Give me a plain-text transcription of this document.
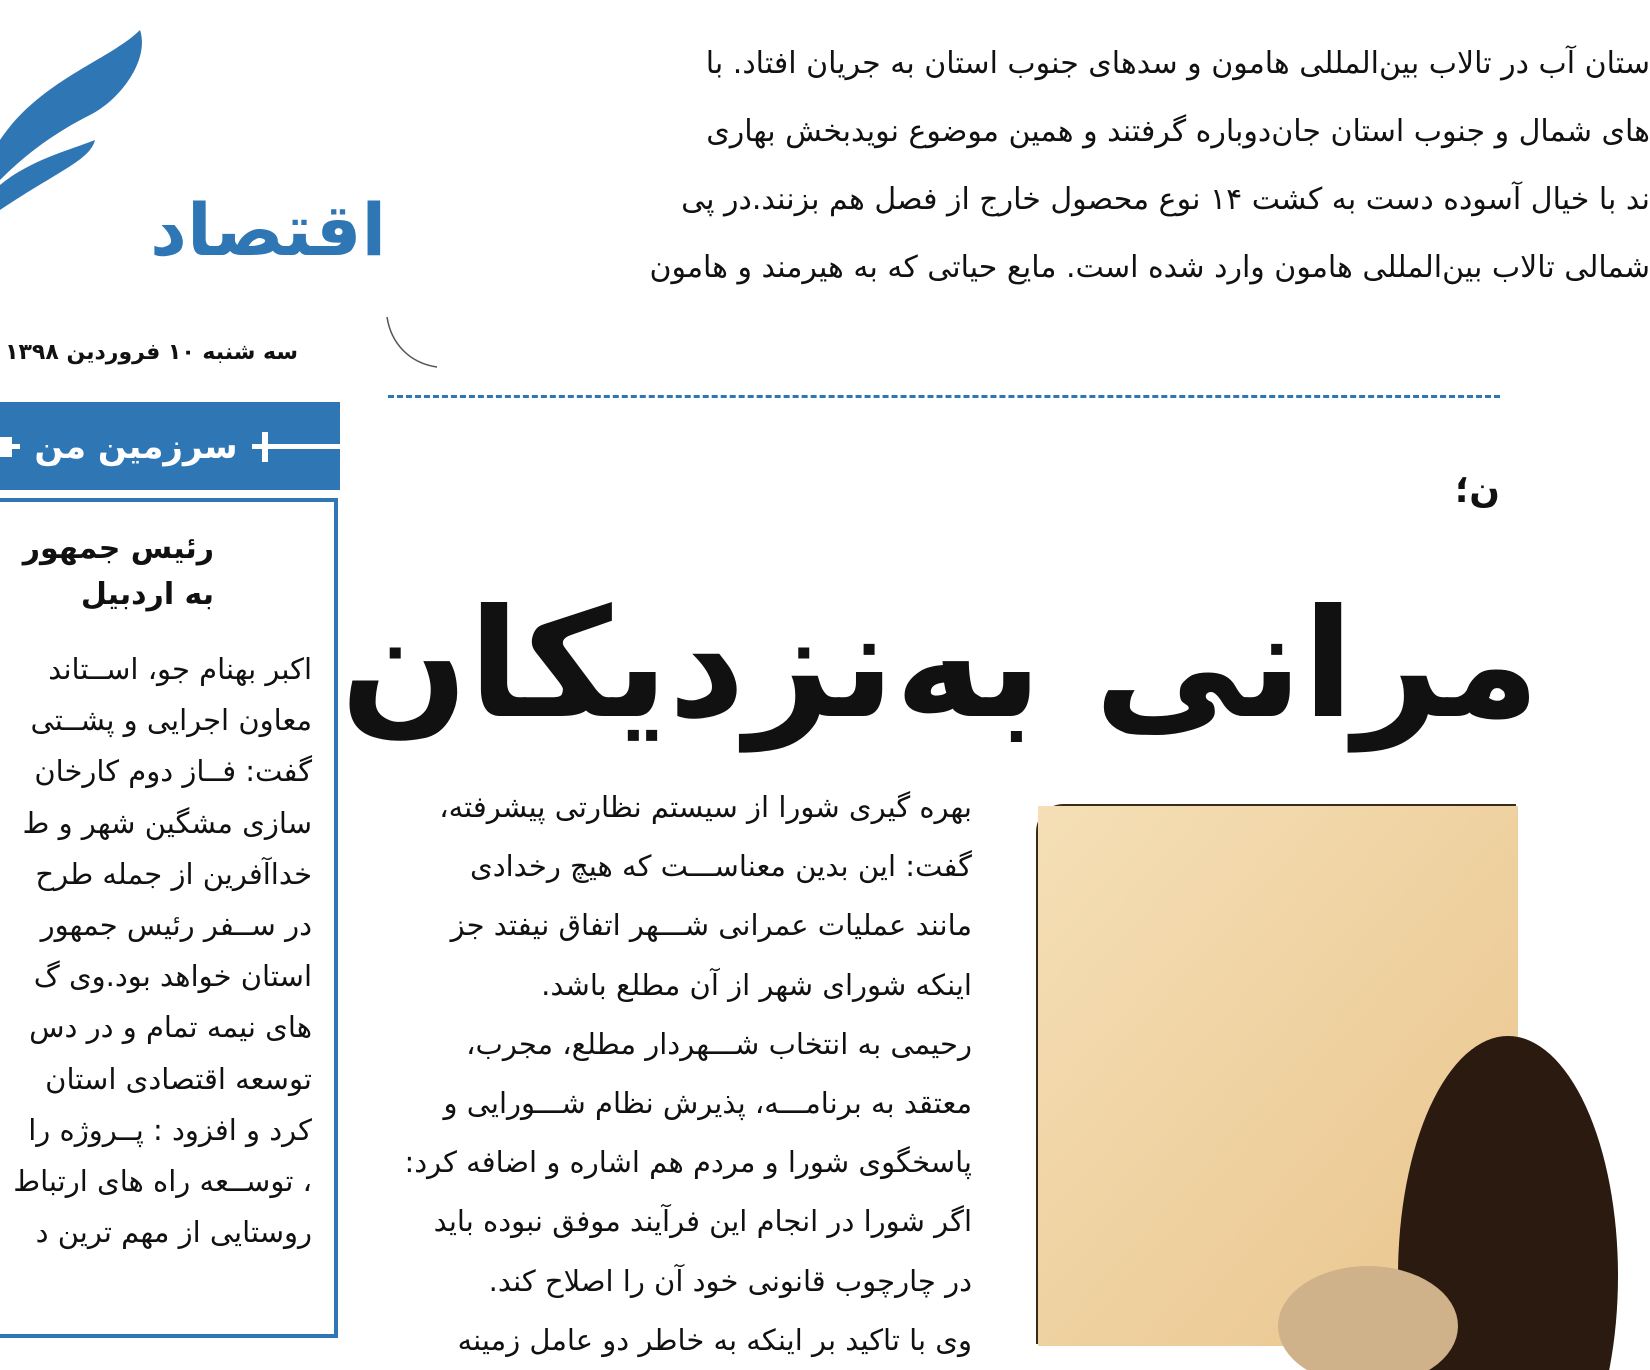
اقتصاد
سه شنبه ۱۰ فروردین ۱۳۹۸
سرزمین من
رئیس جمهور
به اردبیل
اکبر بهنام جو، اســتاند
معاون اجرایی و پشــتی
گفت: فــاز دوم کارخان
سازی مشگین شهر و ط
خداآفرین از جمله طرح
در ســفر رئیس جمهور
استان خواهد بود.وی گ
های نیمه تمام و در دس
توسعه اقتصادی استان
کرد و افزود : پــروژه را
، توســعه راه های ارتباط
روستایی از مهم ترین د
ستان آب در تالاب بین‌المللی هامون و سدهای جنوب استان به جریان افتاد. با
های شمال و جنوب استان جان‌دوباره گرفتند و همین موضوع نویدبخش بهاری
ند با خیال آسوده دست به کشت ۱۴ نوع محصول خارج از فصل هم بزنند.در پی
شمالی تالاب بین‌المللی هامون وارد شده است. مایع حیاتی که به هیرمند و هامون
ن؛
مرانی به‌نزدیکان
بهره گیری شورا از سیستم نظارتی پیشرفته،
گفت: این بدین معناســـت که هیچ رخدادی
مانند عملیات عمرانی شـــهر اتفاق نیفتد جز
اینکه شورای شهر از آن مطلع باشد.
رحیمی به انتخاب شـــهردار مطلع، مجرب،
معتقد به برنامـــه، پذیرش نظام شـــورایی و
پاسخگوی شورا و مردم هم اشاره و اضافه کرد:
اگر شورا در انجام این فرآیند موفق نبوده باید
در چارچوب قانونی خود آن را اصلاح کند.
وی با تاکید بر اینکه به خاطر دو عامل زمینه
